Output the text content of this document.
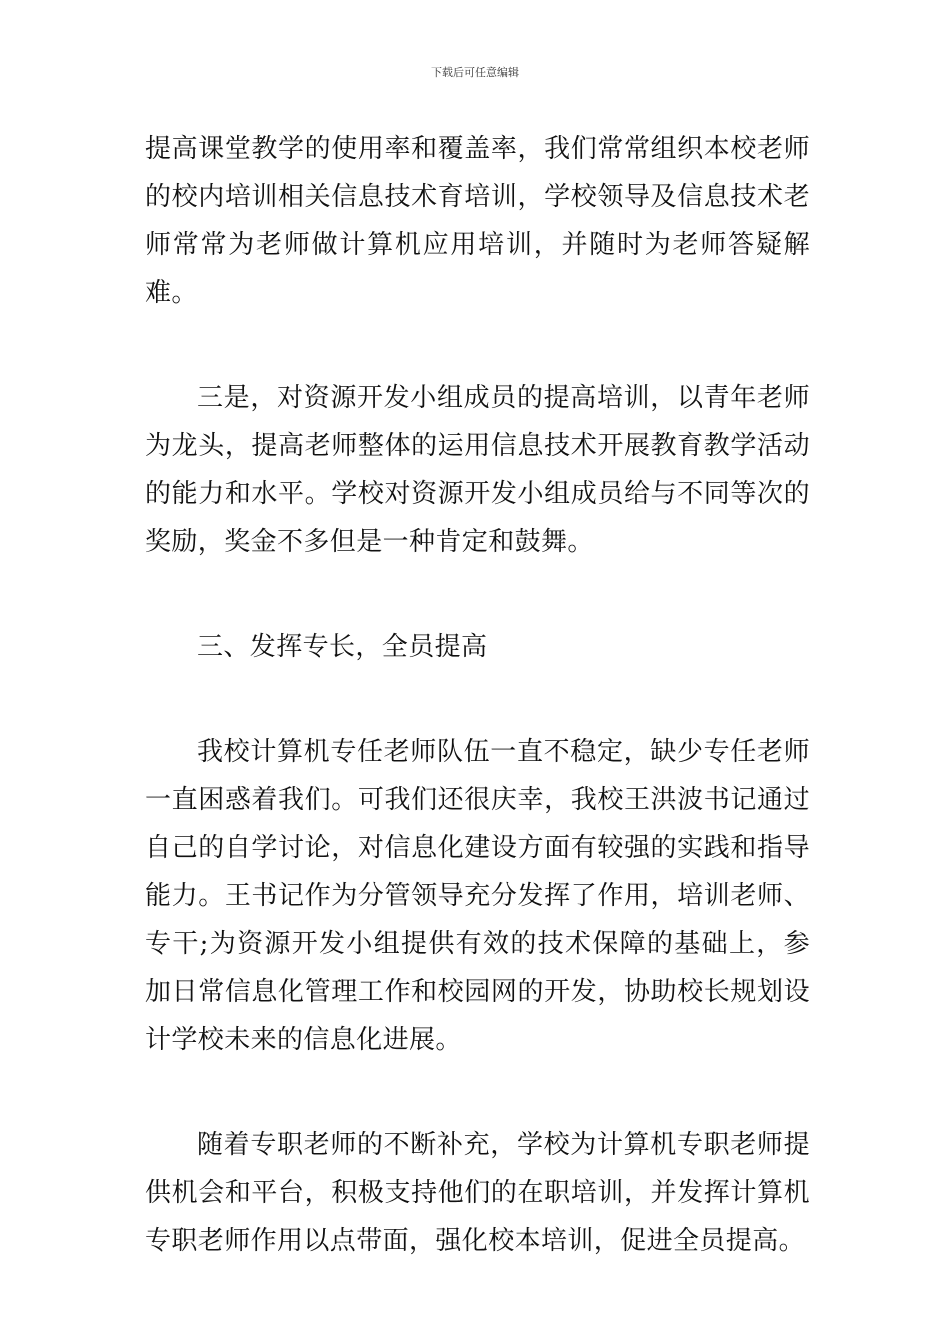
下载后可任意编辑

提高课堂教学的使用率和覆盖率，我们常常组织本校老师的校内培训相关信息技术育培训，学校领导及信息技术老师常常为老师做计算机应用培训，并随时为老师答疑解难。

三是，对资源开发小组成员的提高培训，以青年老师为龙头，提高老师整体的运用信息技术开展教育教学活动的能力和水平。学校对资源开发小组成员给与不同等次的奖励，奖金不多但是一种肯定和鼓舞。

三、发挥专长，全员提高

我校计算机专任老师队伍一直不稳定，缺少专任老师一直困惑着我们。可我们还很庆幸，我校王洪波书记通过自己的自学讨论，对信息化建设方面有较强的实践和指导能力。王书记作为分管领导充分发挥了作用，培训老师、专干;为资源开发小组提供有效的技术保障的基础上，参加日常信息化管理工作和校园网的开发，协助校长规划设计学校未来的信息化进展。

随着专职老师的不断补充，学校为计算机专职老师提供机会和平台，积极支持他们的在职培训，并发挥计算机专职老师作用以点带面，强化校本培训，促进全员提高。
